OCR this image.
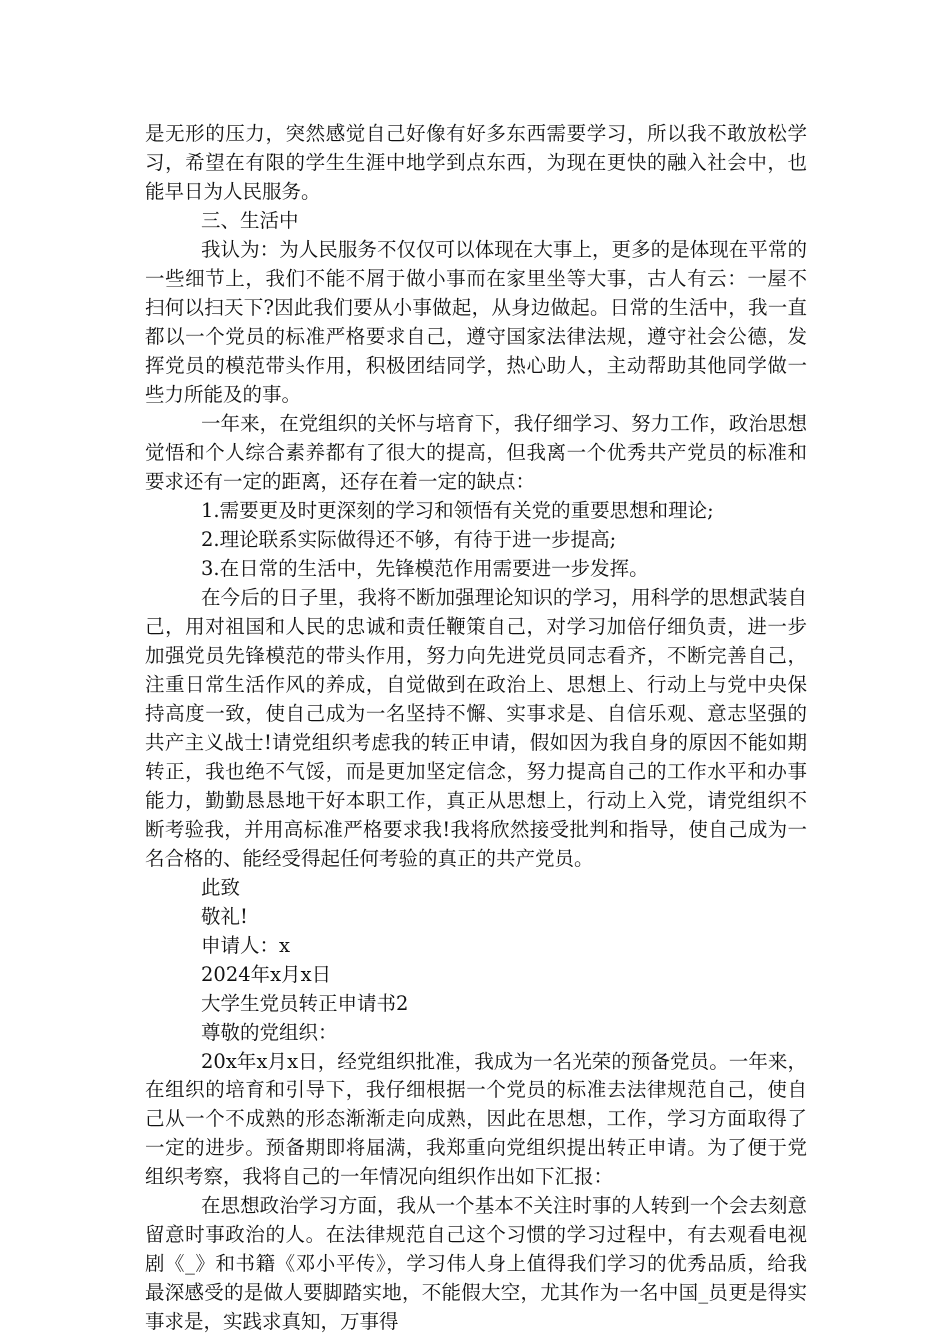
是无形的压力，突然感觉自己好像有好多东西需要学习，所以我不敢放松学习，希望在有限的学生生涯中地学到点东西，为现在更快的融入社会中，也能早日为人民服务。

三、生活中

我认为：为人民服务不仅仅可以体现在大事上，更多的是体现在平常的一些细节上，我们不能不屑于做小事而在家里坐等大事，古人有云：一屋不扫何以扫天下?因此我们要从小事做起，从身边做起。日常的生活中，我一直都以一个党员的标准严格要求自己，遵守国家法律法规，遵守社会公德，发挥党员的模范带头作用，积极团结同学，热心助人，主动帮助其他同学做一些力所能及的事。

一年来，在党组织的关怀与培育下，我仔细学习、努力工作，政治思想觉悟和个人综合素养都有了很大的提高，但我离一个优秀共产党员的标准和要求还有一定的距离，还存在着一定的缺点：

1.需要更及时更深刻的学习和领悟有关党的重要思想和理论;

2.理论联系实际做得还不够，有待于进一步提高;

3.在日常的生活中，先锋模范作用需要进一步发挥。

在今后的日子里，我将不断加强理论知识的学习，用科学的思想武装自己，用对祖国和人民的忠诚和责任鞭策自己，对学习加倍仔细负责，进一步加强党员先锋模范的带头作用，努力向先进党员同志看齐，不断完善自己，注重日常生活作风的养成，自觉做到在政治上、思想上、行动上与党中央保持高度一致，使自己成为一名坚持不懈、实事求是、自信乐观、意志坚强的共产主义战士!请党组织考虑我的转正申请，假如因为我自身的原因不能如期转正，我也绝不气馁，而是更加坚定信念，努力提高自己的工作水平和办事能力，勤勤恳恳地干好本职工作，真正从思想上，行动上入党，请党组织不断考验我，并用高标准严格要求我!我将欣然接受批判和指导，使自己成为一名合格的、能经受得起任何考验的真正的共产党员。

此致

敬礼!

申请人：x

2024年x月x日

大学生党员转正申请书2

尊敬的党组织：

20x年x月x日，经党组织批准，我成为一名光荣的预备党员。一年来，在组织的培育和引导下，我仔细根据一个党员的标准去法律规范自己，使自己从一个不成熟的形态渐渐走向成熟，因此在思想，工作，学习方面取得了一定的进步。预备期即将届满，我郑重向党组织提出转正申请。为了便于党组织考察，我将自己的一年情况向组织作出如下汇报：

在思想政治学习方面，我从一个基本不关注时事的人转到一个会去刻意留意时事政治的人。在法律规范自己这个习惯的学习过程中，有去观看电视剧《_》和书籍《邓小平传》，学习伟人身上值得我们学习的优秀品质，给我最深感受的是做人要脚踏实地，不能假大空，尤其作为一名中国_员更是得实事求是，实践求真知，万事得
